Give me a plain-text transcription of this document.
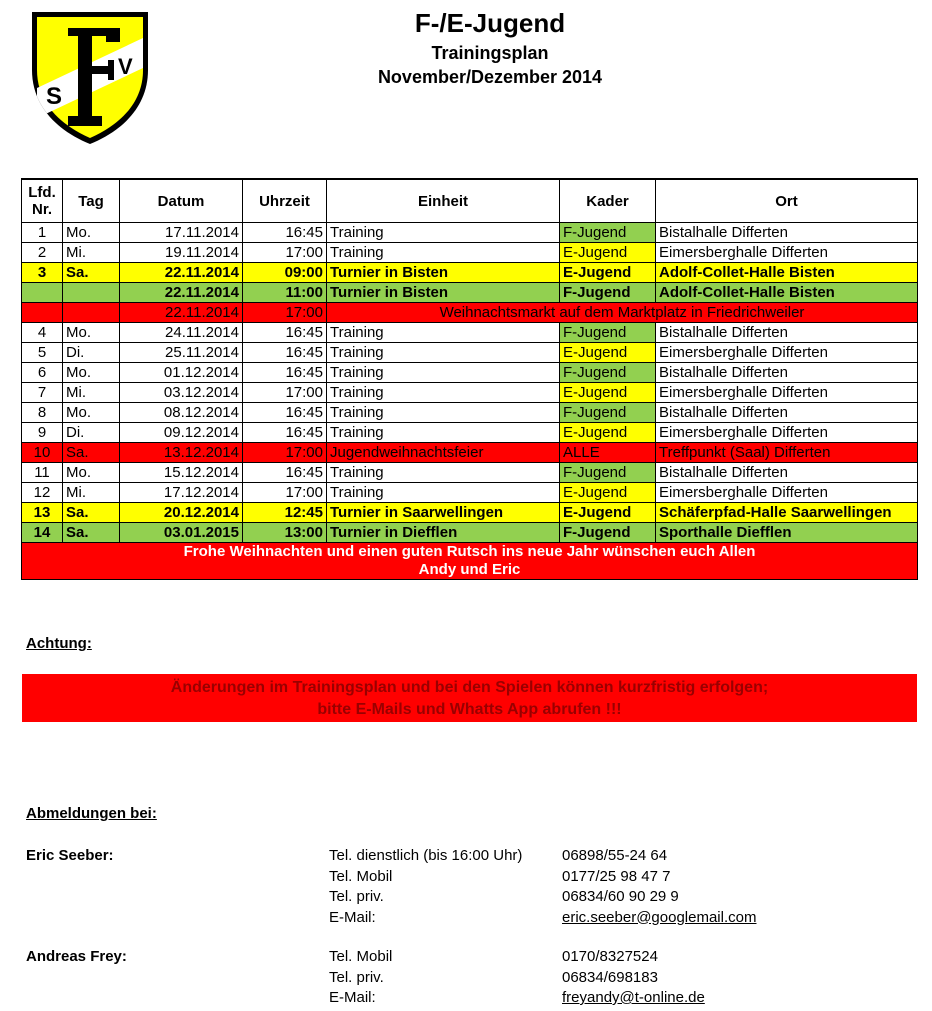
S
F
V
F-/E-Jugend
Trainingsplan
November/Dezember 2014
Lfd.
Nr.	Tag	Datum	Uhrzeit	Einheit	Kader	Ort
1	Mo.	17.11.2014	16:45	Training	F-Jugend	Bistalhalle Differten
2	Mi.	19.11.2014	17:00	Training	E-Jugend	Eimersberghalle Differten
3	Sa.	22.11.2014	09:00	Turnier in Bisten	E-Jugend	Adolf-Collet-Halle Bisten
		22.11.2014	11:00	Turnier in Bisten	F-Jugend	Adolf-Collet-Halle Bisten
		22.11.2014	17:00	Weihnachtsmarkt auf dem Marktplatz in Friedrichweiler		
4	Mo.	24.11.2014	16:45	Training	F-Jugend	Bistalhalle Differten
5	Di.	25.11.2014	16:45	Training	E-Jugend	Eimersberghalle Differten
6	Mo.	01.12.2014	16:45	Training	F-Jugend	Bistalhalle Differten
7	Mi.	03.12.2014	17:00	Training	E-Jugend	Eimersberghalle Differten
8	Mo.	08.12.2014	16:45	Training	F-Jugend	Bistalhalle Differten
9	Di.	09.12.2014	16:45	Training	E-Jugend	Eimersberghalle Differten
10	Sa.	13.12.2014	17:00	Jugendweihnachtsfeier	ALLE	Treffpunkt (Saal) Differten
11	Mo.	15.12.2014	16:45	Training	F-Jugend	Bistalhalle Differten
12	Mi.	17.12.2014	17:00	Training	E-Jugend	Eimersberghalle Differten
13	Sa.	20.12.2014	12:45	Turnier in Saarwellingen	E-Jugend	Schäferpfad-Halle Saarwellingen
14	Sa.	03.01.2015	13:00	Turnier in Diefflen	F-Jugend	Sporthalle Diefflen

Frohe Weihnachten und einen guten Rutsch ins neue Jahr wünschen euch Allen
Andy und Eric						
Achtung:
Änderungen im Trainingsplan und bei den Spielen können kurzfristig erfolgen;
bitte E-Mails und Whatts App abrufen !!!
Abmeldungen bei:
Eric Seeber:	Tel. dienstlich (bis 16:00 Uhr)	06898/55-24 64
Tel. Mobil	0177/25 98 47 7
Tel. priv.	06834/60 90 29 9
E-Mail:	eric.seeber@googlemail.com
Andreas Frey:	Tel. Mobil	0170/8327524
Tel. priv.	06834/698183
E-Mail:	freyandy@t-online.de
